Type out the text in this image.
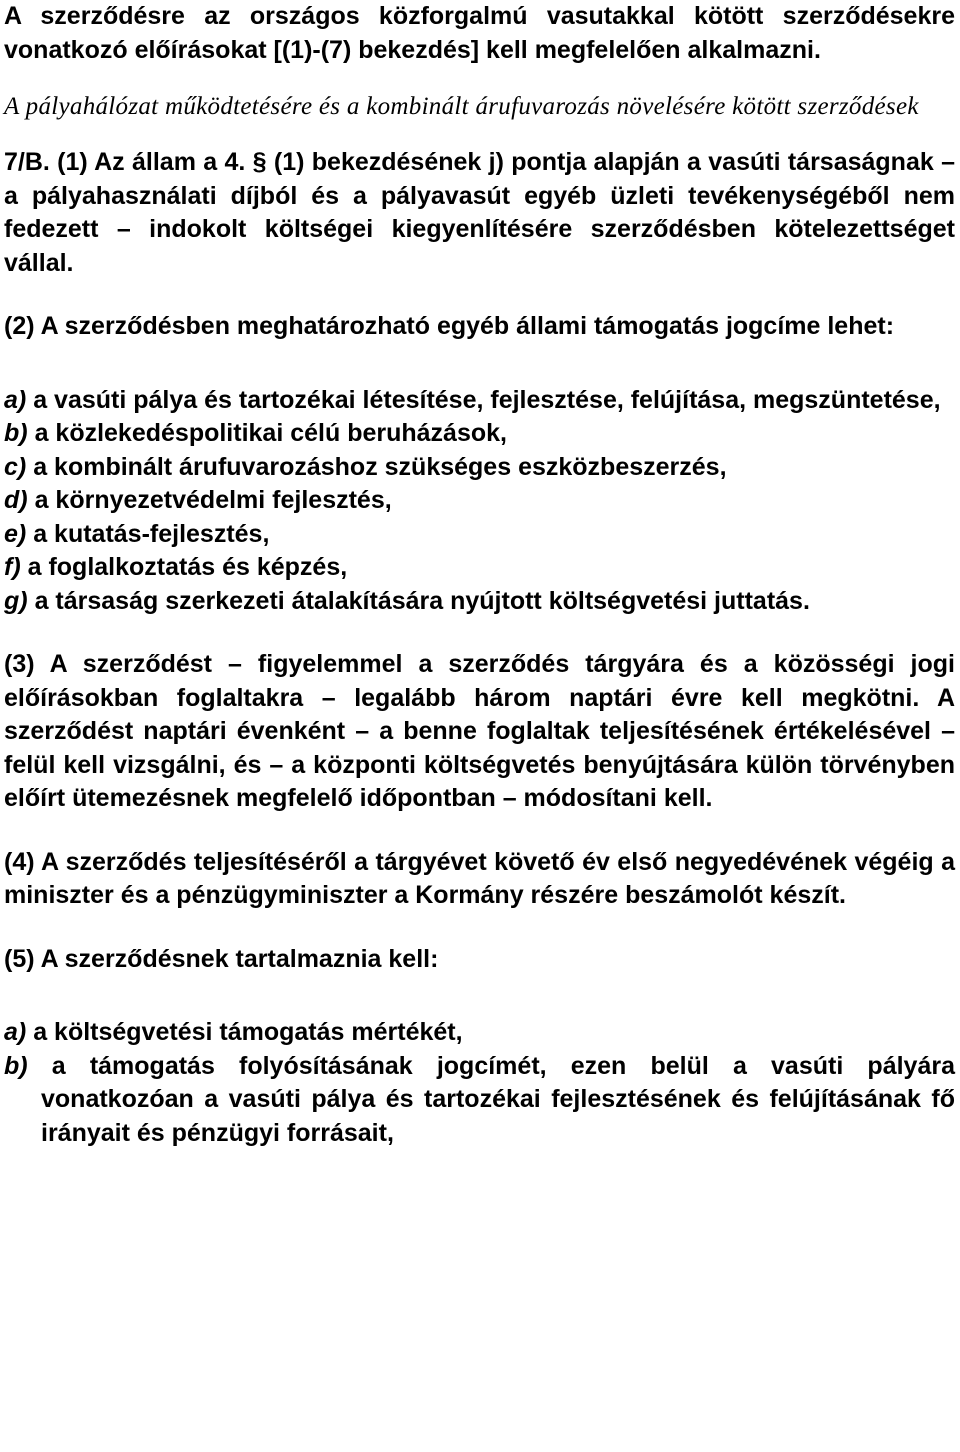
A szerződésre az országos közforgalmú vasutakkal kötött szerződésekre vonatkozó előírásokat [(1)-(7) bekezdés] kell megfelelően alkalmazni.

A pályahálózat működtetésére és a kombinált árufuvarozás növelésére kötött szerződések

7/B. (1) Az állam a 4. § (1) bekezdésének j) pontja alapján a vasúti társaságnak – a pályahasználati díjból és a pályavasút egyéb üzleti tevékenységéből nem fedezett – indokolt költségei kiegyenlítésére szerződésben kötelezettséget vállal.

(2) A szerződésben meghatározható egyéb állami támogatás jogcíme lehet:

a) a vasúti pálya és tartozékai létesítése, fejlesztése, felújítása, megszüntetése,
b) a közlekedéspolitikai célú beruházások,
c) a kombinált árufuvarozáshoz szükséges eszközbeszerzés,
d) a környezetvédelmi fejlesztés,
e) a kutatás-fejlesztés,
f) a foglalkoztatás és képzés,
g) a társaság szerkezeti átalakítására nyújtott költségvetési juttatás.

(3) A szerződést – figyelemmel a szerződés tárgyára és a közösségi jogi előírásokban foglaltakra – legalább három naptári évre kell megkötni. A szerződést naptári évenként – a benne foglaltak teljesítésének értékelésével – felül kell vizsgálni, és – a központi költségvetés benyújtására külön törvényben előírt ütemezésnek megfelelő időpontban – módosítani kell.

(4) A szerződés teljesítéséről a tárgyévet követő év első negyedévének végéig a miniszter és a pénzügyminiszter a Kormány részére beszámolót készít.

(5) A szerződésnek tartalmaznia kell:

a) a költségvetési támogatás mértékét,
b) a támogatás folyósításának jogcímét, ezen belül a vasúti pályára vonatkozóan a vasúti pálya és tartozékai fejlesztésének és felújításának fő irányait és pénzügyi forrásait,
